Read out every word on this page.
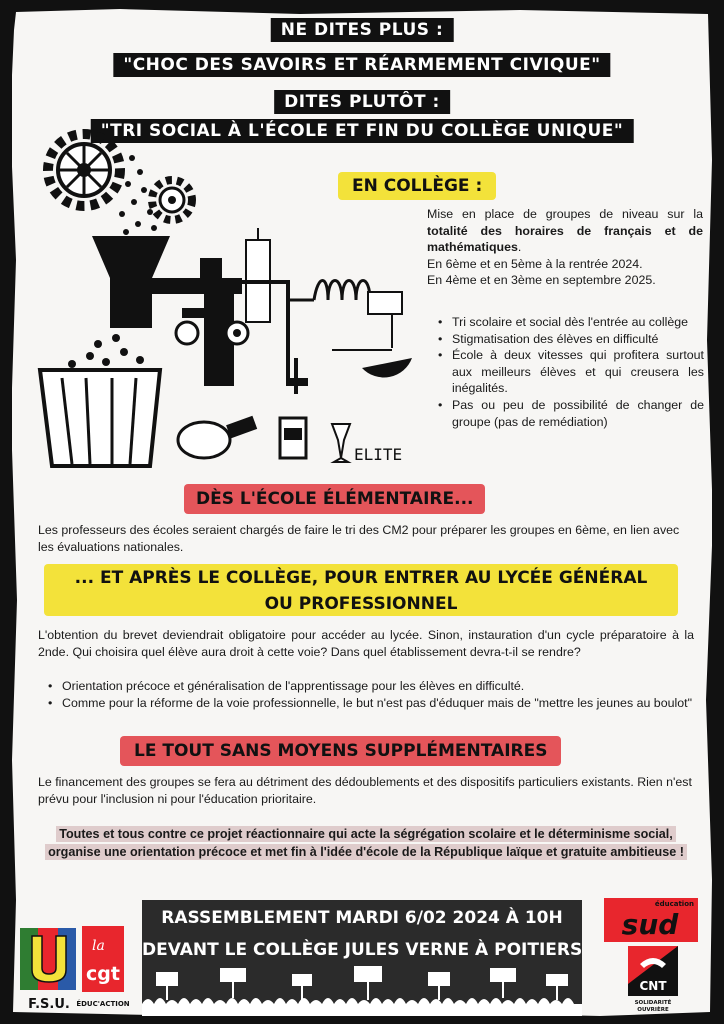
NE DITES PLUS :
"CHOC DES SAVOIRS ET RÉARMEMENT CIVIQUE"
DITES PLUTÔT :
"TRI SOCIAL À L'ÉCOLE ET FIN DU COLLÈGE UNIQUE"
ELITE
EN COLLÈGE :
Mise en place de groupes de niveau sur la totalité des horaires de français et de mathématiques.
En 6ème et en 5ème à la rentrée 2024.
En 4ème et en 3ème en septembre 2025.
• Tri scolaire et social dès l'entrée au collège
• Stigmatisation des élèves en difficulté
• École à deux vitesses qui profitera surtout aux meilleurs élèves et qui creusera les inégalités.
• Pas ou peu de possibilité de changer de groupe (pas de remédiation)
DÈS L'ÉCOLE ÉLÉMENTAIRE...
Les professeurs des écoles seraient chargés de faire le tri des CM2 pour préparer les groupes en 6ème, en lien avec les évaluations nationales.
... ET APRÈS LE COLLÈGE, POUR ENTRER AU LYCÉE GÉNÉRAL
OU PROFESSIONNEL
L'obtention du brevet deviendrait obligatoire pour accéder au lycée. Sinon, instauration d'un cycle préparatoire à la 2nde. Qui choisira quel élève aura droit à cette voie? Dans quel établissement devra-t-il se rendre?
• Orientation précoce et généralisation de l'apprentissage pour les élèves en difficulté.
• Comme pour la réforme de la voie professionnelle, le but n'est pas d'éduquer mais de "mettre les jeunes au boulot"
LE TOUT SANS MOYENS SUPPLÉMENTAIRES
Le financement des groupes se fera au détriment des dédoublements et des dispositifs particuliers existants. Rien n'est prévu pour l'inclusion ni pour l'éducation prioritaire.
Toutes et tous contre ce projet réactionnaire qui acte la ségrégation scolaire et le déterminisme social, organise une orientation précoce et met fin à l'idée d'école de la République laïque et gratuite ambitieuse !
RASSEMBLEMENT MARDI 6/02 2024 À 10H
DEVANT LE COLLÈGE JULES VERNE À POITIERS
F.S.U.
la
cgt
ÉDUC'ACTION
éducation
sud
CNT
SOLIDARITÉ
OUVRIÈRE
